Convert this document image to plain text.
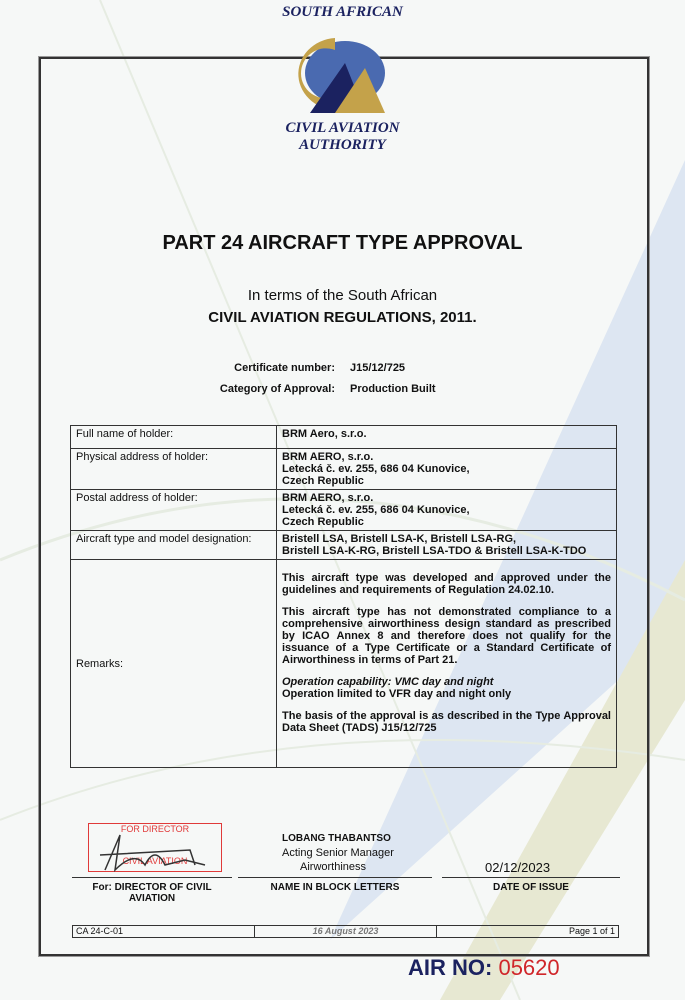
SOUTH AFRICAN
CIVIL AVIATION
AUTHORITY
PART 24 AIRCRAFT TYPE APPROVAL
In terms of the South African
CIVIL AVIATION REGULATIONS, 2011.
Certificate number: J15/12/725
Category of Approval: Production Built
Full name of holder:	BRM Aero, s.r.o.

Physical address of holder:	BRM AERO, s.r.o.
Letecká č. ev. 255, 686 04 Kunovice,
Czech Republic

Postal address of holder:	BRM AERO, s.r.o.
Letecká č. ev. 255, 686 04 Kunovice,
Czech Republic

Aircraft type and model designation:	Bristell LSA, Bristell LSA-K, Bristell LSA-RG,
Bristell LSA-K-RG, Bristell LSA-TDO & Bristell LSA-K-TDO

Remarks:	This aircraft type was developed and approved under the guidelines and requirements of Regulation 24.02.10.

This aircraft type has not demonstrated compliance to a comprehensive airworthiness design standard as prescribed by ICAO Annex 8 and therefore does not qualify for the issuance of a Type Certificate or a Standard Certificate of Airworthiness in terms of Part 21.

Operation capability: VMC day and night

Operation limited to VFR day and night only

The basis of the approval is as described in the Type Approval Data Sheet (TADS) J15/12/725

FOR DIRECTOR
CIVIL AVIATION
LOBANG THABANTSO
Acting Senior Manager
Airworthiness	02/12/2023
For: DIRECTOR OF CIVIL AVIATION
NAME IN BLOCK LETTERS	DATE OF ISSUE
CA 24-C-01	16 August 2023	Page 1 of 1
AIR NO: 05620
